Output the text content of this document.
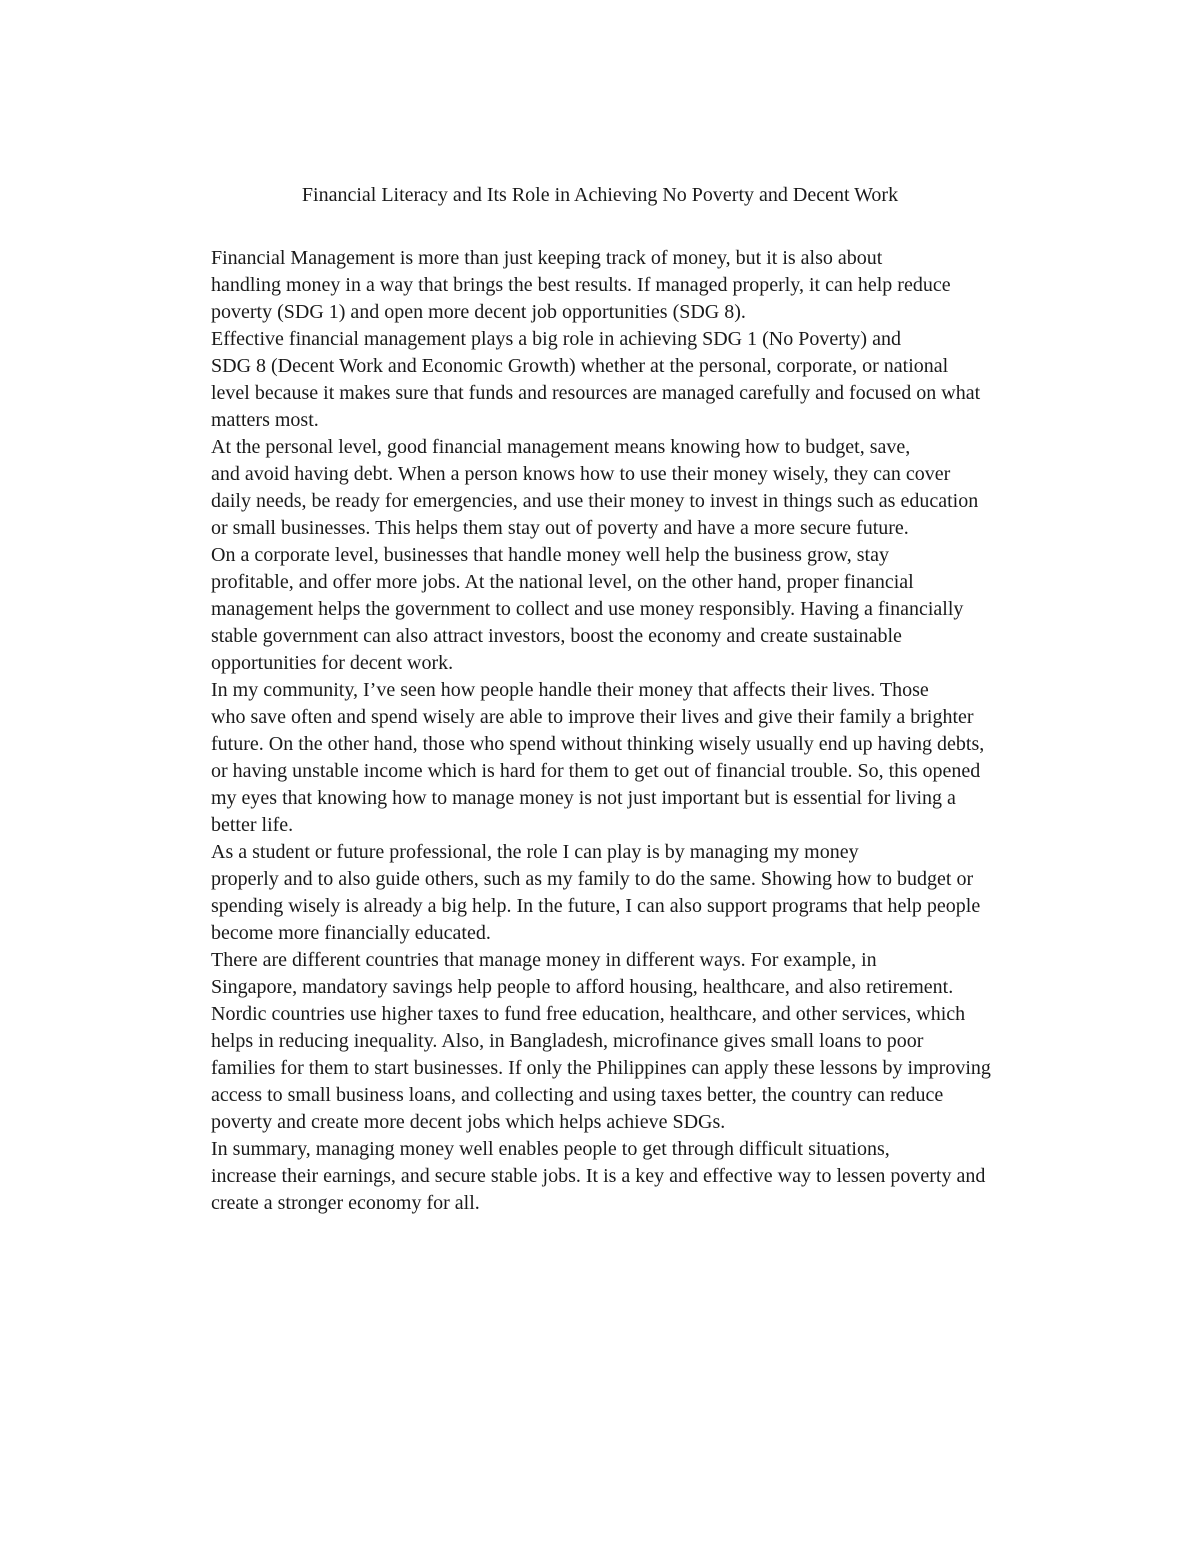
Financial Literacy and Its Role in Achieving No Poverty and Decent Work

Financial Management is more than just keeping track of money, but it is also about
handling money in a way that brings the best results. If managed properly, it can help reduce
poverty (SDG 1) and open more decent job opportunities (SDG 8).

Effective financial management plays a big role in achieving SDG 1 (No Poverty) and
SDG 8 (Decent Work and Economic Growth) whether at the personal, corporate, or national
level because it makes sure that funds and resources are managed carefully and focused on what
matters most.

At the personal level, good financial management means knowing how to budget, save,
and avoid having debt. When a person knows how to use their money wisely, they can cover
daily needs, be ready for emergencies, and use their money to invest in things such as education
or small businesses. This helps them stay out of poverty and have a more secure future.

On a corporate level, businesses that handle money well help the business grow, stay
profitable, and offer more jobs. At the national level, on the other hand, proper financial
management helps the government to collect and use money responsibly. Having a financially
stable government can also attract investors, boost the economy and create sustainable
opportunities for decent work.

In my community, I’ve seen how people handle their money that affects their lives. Those
who save often and spend wisely are able to improve their lives and give their family a brighter
future. On the other hand, those who spend without thinking wisely usually end up having debts,
or having unstable income which is hard for them to get out of financial trouble. So, this opened
my eyes that knowing how to manage money is not just important but is essential for living a
better life.

As a student or future professional, the role I can play is by managing my money
properly and to also guide others, such as my family to do the same. Showing how to budget or
spending wisely is already a big help. In the future, I can also support programs that help people
become more financially educated.

There are different countries that manage money in different ways. For example, in
Singapore, mandatory savings help people to afford housing, healthcare, and also retirement.
Nordic countries use higher taxes to fund free education, healthcare, and other services, which
helps in reducing inequality. Also, in Bangladesh, microfinance gives small loans to poor
families for them to start businesses. If only the Philippines can apply these lessons by improving
access to small business loans, and collecting and using taxes better, the country can reduce
poverty and create more decent jobs which helps achieve SDGs.

In summary, managing money well enables people to get through difficult situations,
increase their earnings, and secure stable jobs. It is a key and effective way to lessen poverty and
create a stronger economy for all.
